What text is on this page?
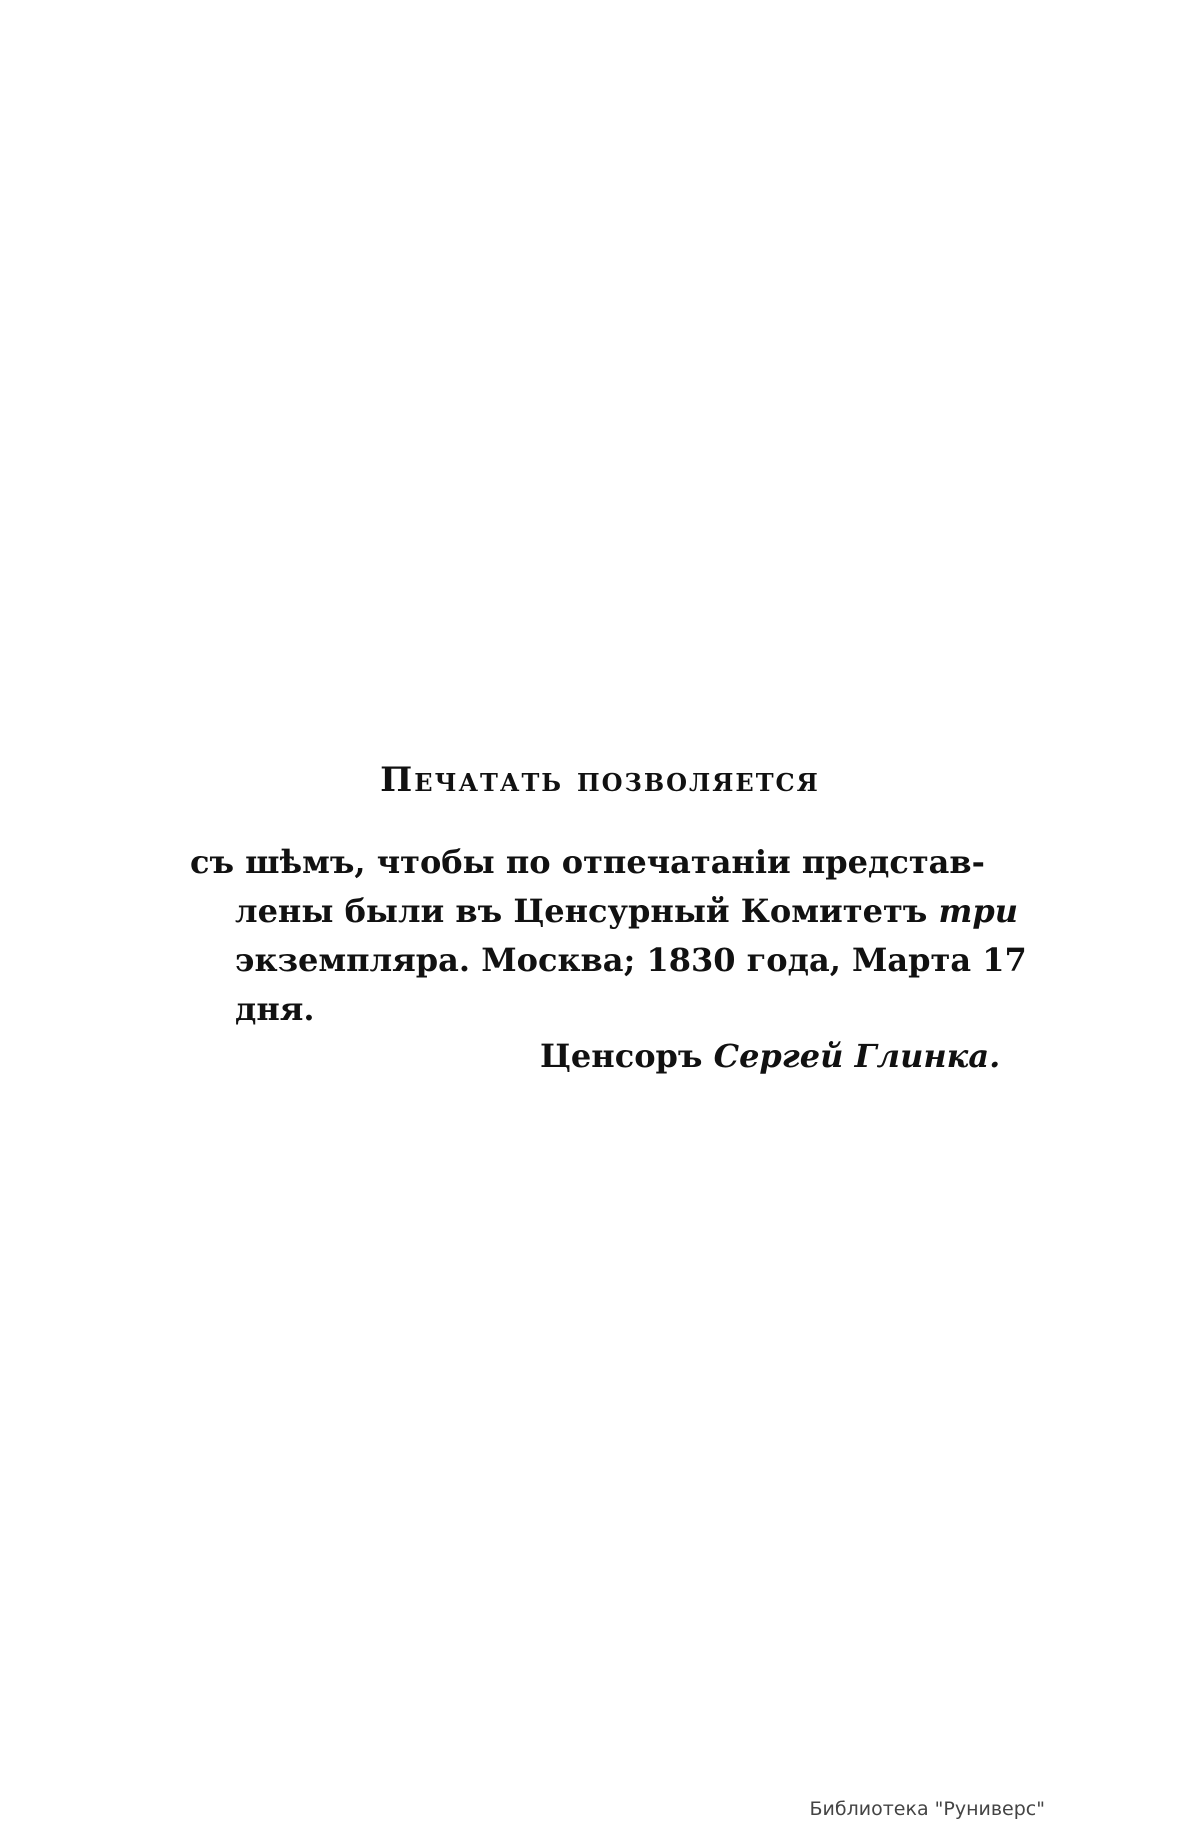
Печатать позволяется
съ шѣмъ, чтобы по отпечатаніи представ-
лены были въ Ценсурный Комитетъ три
экземпляра. Москва; 1830 года, Марта 17
дня.
Ценсоръ Сергей Глинка.
Библиотека "Руниверс"
